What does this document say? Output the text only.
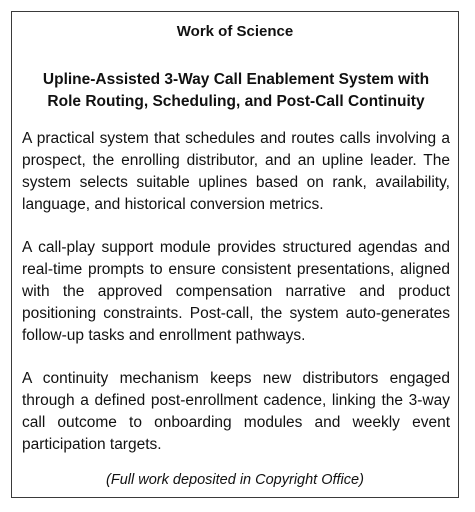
Work of Science

Upline-Assisted 3-Way Call Enablement System with Role Routing, Scheduling, and Post-Call Continuity

A practical system that schedules and routes calls involving a prospect, the enrolling distributor, and an upline leader. The system selects suitable uplines based on rank, availability, language, and historical conversion metrics.

A call-play support module provides structured agendas and real-time prompts to ensure consistent presentations, aligned with the approved compensation narrative and product positioning constraints. Post-call, the system auto-generates follow-up tasks and enrollment pathways.

A continuity mechanism keeps new distributors engaged through a defined post-enrollment cadence, linking the 3-way call outcome to onboarding modules and weekly event participation targets.

(Full work deposited in Copyright Office)
